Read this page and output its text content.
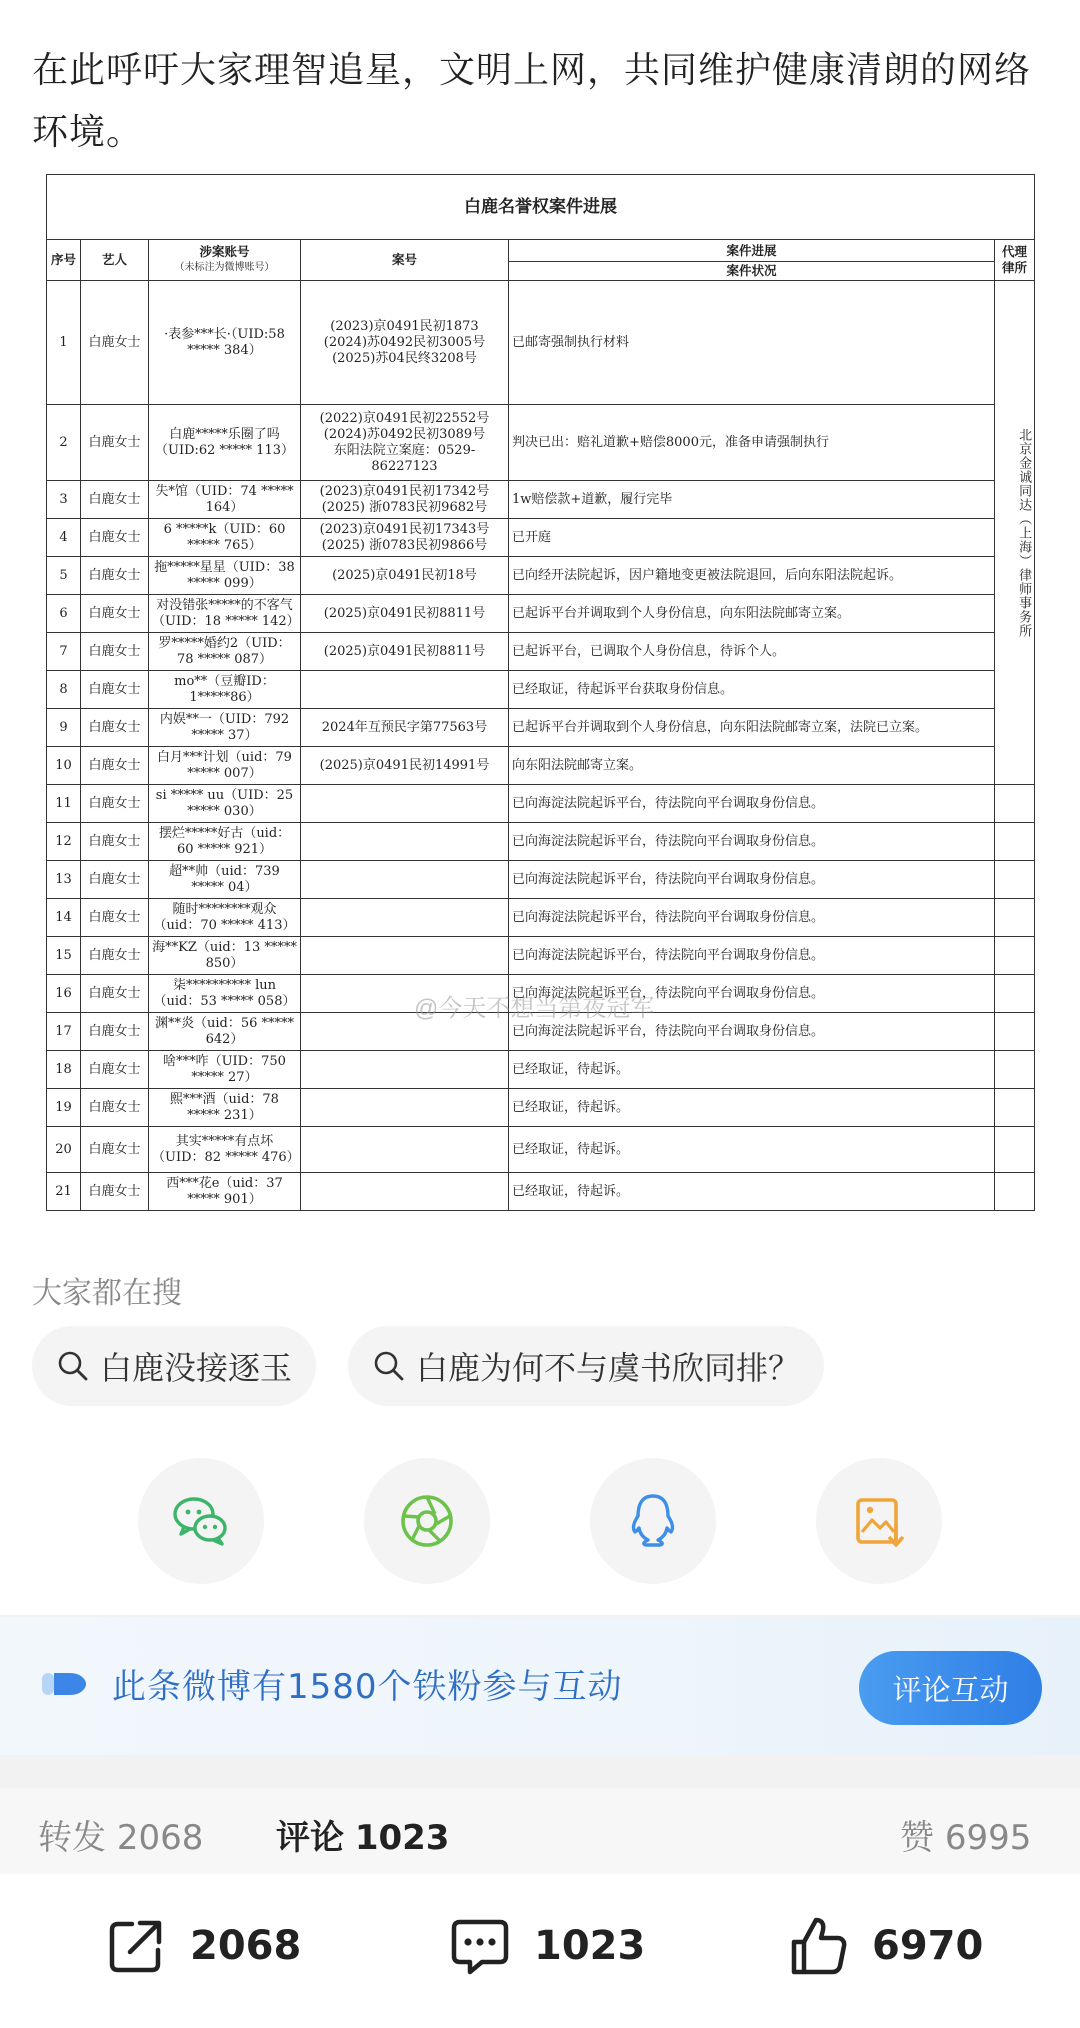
在此呼吁大家理智追星，文明上网，共同维护健康清朗的网络环境。
白鹿名誉权案件进展					
序号	艺人	涉案账号
（未标注为微博账号）	案号	案件进展	代理律所
				案件状况	
1	白鹿女士	·表参***长·（UID:58 ***** 384）	(2023)京0491民初1873
(2024)苏0492民初3005号
(2025)苏04民终3208号	已邮寄强制执行材料	北京金诚同达（上海）律师事务所
2	白鹿女士	白鹿*****乐圈了吗（UID:62 ***** 113）	(2022)京0491民初22552号
(2024)苏0492民初3089号
东阳法院立案庭：0529-86227123	判决已出：赔礼道歉+赔偿8000元，准备申请强制执行	
3	白鹿女士	失*馆（UID：74 ***** 164）	(2023)京0491民初17342号
(2025) 浙0783民初9682号	1w赔偿款+道歉，履行完毕	
4	白鹿女士	6 *****k（UID：60 ***** 765）	(2023)京0491民初17343号
(2025) 浙0783民初9866号	已开庭	
5	白鹿女士	拖*****星星（UID：38 ***** 099）	(2025)京0491民初18号	已向经开法院起诉，因户籍地变更被法院退回，后向东阳法院起诉。	
6	白鹿女士	对没错张*****的不客气（UID：18 ***** 142）	(2025)京0491民初8811号	已起诉平台并调取到个人身份信息，向东阳法院邮寄立案。	
7	白鹿女士	罗*****婚约2（UID：78 ***** 087）	(2025)京0491民初8811号	已起诉平台，已调取个人身份信息，待诉个人。	
8	白鹿女士	mo**（豆瓣ID：1*****86）		已经取证，待起诉平台获取身份信息。	
9	白鹿女士	内娱**一（UID：792 ***** 37）	2024年互预民字第77563号	已起诉平台并调取到个人身份信息，向东阳法院邮寄立案，法院已立案。	
10	白鹿女士	白月***计划（uid：79 ***** 007）	(2025)京0491民初14991号	向东阳法院邮寄立案。	
11	白鹿女士	si ***** uu（UID：25 ***** 030）		已向海淀法院起诉平台，待法院向平台调取身份信息。	
12	白鹿女士	摆烂*****好古（uid：60 ***** 921）		已向海淀法院起诉平台，待法院向平台调取身份信息。	
13	白鹿女士	超**帅（uid：739 ***** 04）		已向海淀法院起诉平台，待法院向平台调取身份信息。	
14	白鹿女士	随时********观众（uid：70 ***** 413）		已向海淀法院起诉平台，待法院向平台调取身份信息。	
15	白鹿女士	海**KZ（uid：13 ***** 850）		已向海淀法院起诉平台，待法院向平台调取身份信息。	
16	白鹿女士	柒********** lun（uid：53 ***** 058）		已向海淀法院起诉平台，待法院向平台调取身份信息。	
17	白鹿女士	渊**炎（uid：56 ***** 642）		已向海淀法院起诉平台，待法院向平台调取身份信息。	
18	白鹿女士	啥***咋（UID：750 ***** 27）		已经取证，待起诉。	
19	白鹿女士	熙***酒（uid：78 ***** 231）		已经取证，待起诉。	
20	白鹿女士	其实*****有点坏（UID：82 ***** 476）		已经取证，待起诉。	
21	白鹿女士	西***花e（uid：37 ***** 901）		已经取证，待起诉。	
@今天不想当第夜冠军
大家都在搜
白鹿没接逐玉	白鹿为何不与虞书欣同排？
此条微博有1580个铁粉参与互动	评论互动
转发 2068 评论 1023	赞 6995
2068	1023	6970
